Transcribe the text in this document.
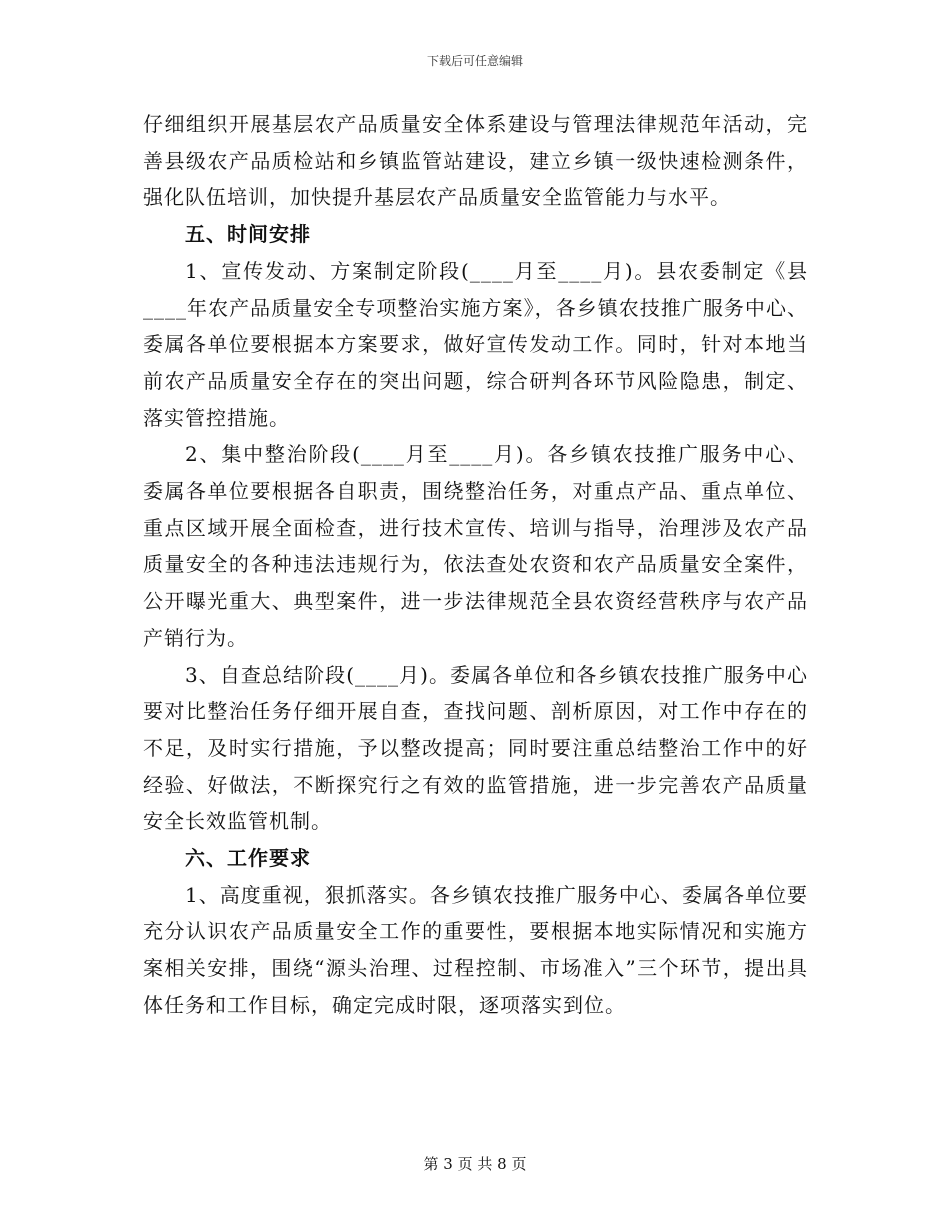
下载后可任意编辑

仔细组织开展基层农产品质量安全体系建设与管理法律规范年活动，完善县级农产品质检站和乡镇监管站建设，建立乡镇一级快速检测条件，强化队伍培训，加快提升基层农产品质量安全监管能力与水平。

五、时间安排

1、宣传发动、方案制定阶段(____月至____月)。县农委制定《县____年农产品质量安全专项整治实施方案》，各乡镇农技推广服务中心、委属各单位要根据本方案要求，做好宣传发动工作。同时，针对本地当前农产品质量安全存在的突出问题，综合研判各环节风险隐患，制定、落实管控措施。

2、集中整治阶段(____月至____月)。各乡镇农技推广服务中心、委属各单位要根据各自职责，围绕整治任务，对重点产品、重点单位、重点区域开展全面检查，进行技术宣传、培训与指导，治理涉及农产品质量安全的各种违法违规行为，依法查处农资和农产品质量安全案件，公开曝光重大、典型案件，进一步法律规范全县农资经营秩序与农产品产销行为。

3、自查总结阶段(____月)。委属各单位和各乡镇农技推广服务中心要对比整治任务仔细开展自查，查找问题、剖析原因，对工作中存在的不足，及时实行措施，予以整改提高；同时要注重总结整治工作中的好经验、好做法，不断探究行之有效的监管措施，进一步完善农产品质量安全长效监管机制。

六、工作要求

1、高度重视，狠抓落实。各乡镇农技推广服务中心、委属各单位要充分认识农产品质量安全工作的重要性，要根据本地实际情况和实施方案相关安排，围绕“源头治理、过程控制、市场准入”三个环节，提出具体任务和工作目标，确定完成时限，逐项落实到位。

第 3 页 共 8 页
